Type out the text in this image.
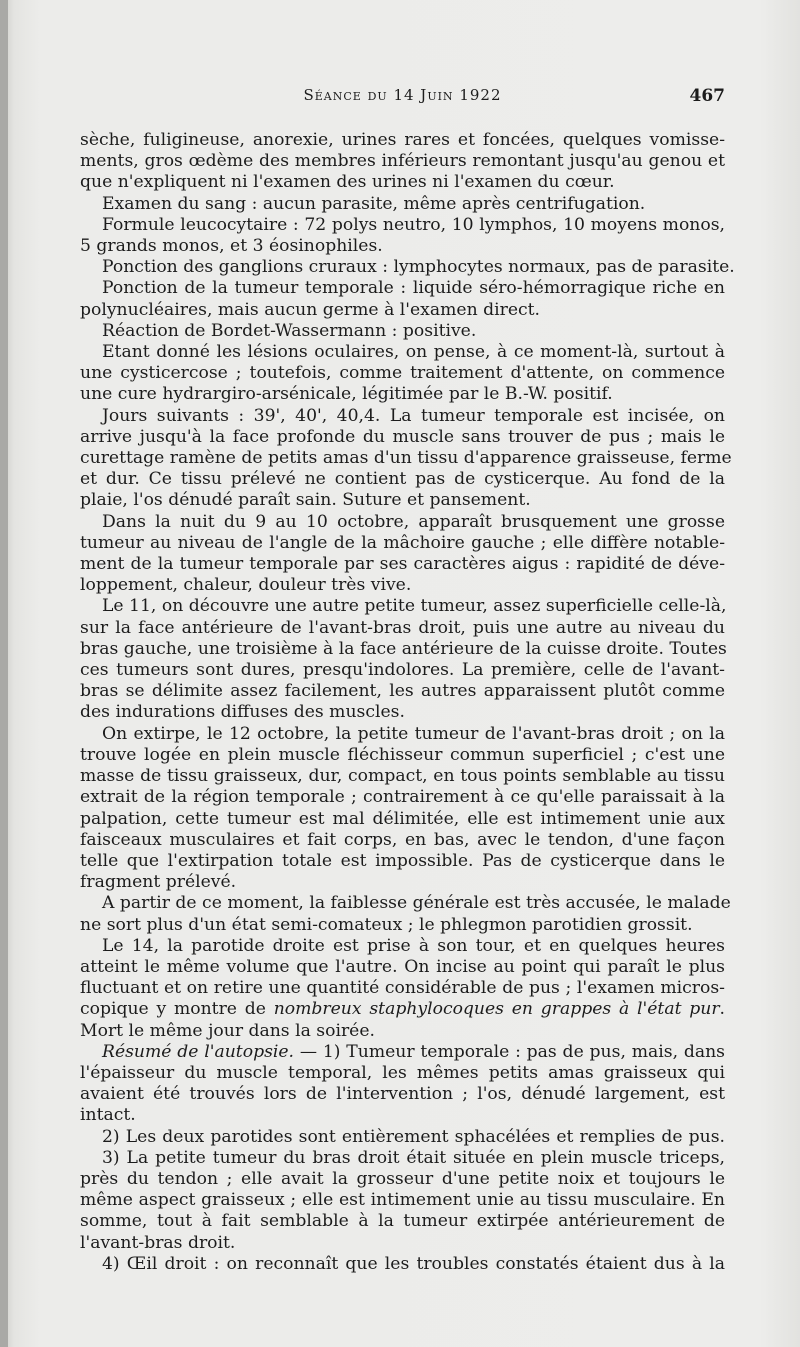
Séance du 14 Juin 1922	467
sèche, fuligineuse, anorexie, urines rares et foncées, quelques vomisse-
ments, gros œdème des membres inférieurs remontant jusqu'au genou et
que n'expliquent ni l'examen des urines ni l'examen du cœur.
Examen du sang : aucun parasite, même après centrifugation.
Formule leucocytaire : 72 polys neutro, 10 lymphos, 10 moyens monos,
5 grands monos, et 3 éosinophiles.
Ponction des ganglions cruraux : lymphocytes normaux, pas de parasite.
Ponction de la tumeur temporale : liquide séro-hémorragique riche en
polynucléaires, mais aucun germe à l'examen direct.
Réaction de Bordet-Wassermann : positive.
Etant donné les lésions oculaires, on pense, à ce moment-là, surtout à
une cysticercose ; toutefois, comme traitement d'attente, on commence
une cure hydrargiro-arsénicale, légitimée par le B.-W. positif.
Jours suivants : 39', 40', 40,4. La tumeur temporale est incisée, on
arrive jusqu'à la face profonde du muscle sans trouver de pus ; mais le
curettage ramène de petits amas d'un tissu d'apparence graisseuse, ferme
et dur. Ce tissu prélevé ne contient pas de cysticerque. Au fond de la
plaie, l'os dénudé paraît sain. Suture et pansement.
Dans la nuit du 9 au 10 octobre, apparaît brusquement une grosse
tumeur au niveau de l'angle de la mâchoire gauche ; elle diffère notable-
ment de la tumeur temporale par ses caractères aigus : rapidité de déve-
loppement, chaleur, douleur très vive.
Le 11, on découvre une autre petite tumeur, assez superficielle celle-là,
sur la face antérieure de l'avant-bras droit, puis une autre au niveau du
bras gauche, une troisième à la face antérieure de la cuisse droite. Toutes
ces tumeurs sont dures, presqu'indolores. La première, celle de l'avant-
bras se délimite assez facilement, les autres apparaissent plutôt comme
des indurations diffuses des muscles.
On extirpe, le 12 octobre, la petite tumeur de l'avant-bras droit ; on la
trouve logée en plein muscle fléchisseur commun superficiel ; c'est une
masse de tissu graisseux, dur, compact, en tous points semblable au tissu
extrait de la région temporale ; contrairement à ce qu'elle paraissait à la
palpation, cette tumeur est mal délimitée, elle est intimement unie aux
faisceaux musculaires et fait corps, en bas, avec le tendon, d'une façon
telle que l'extirpation totale est impossible. Pas de cysticerque dans le
fragment prélevé.
A partir de ce moment, la faiblesse générale est très accusée, le malade
ne sort plus d'un état semi-comateux ; le phlegmon parotidien grossit.
Le 14, la parotide droite est prise à son tour, et en quelques heures
atteint le même volume que l'autre. On incise au point qui paraît le plus
fluctuant et on retire une quantité considérable de pus ; l'examen micros-
copique y montre de nombreux staphylocoques en grappes à l'état pur.
Mort le même jour dans la soirée.
Résumé de l'autopsie. — 1) Tumeur temporale : pas de pus, mais, dans
l'épaisseur du muscle temporal, les mêmes petits amas graisseux qui
avaient été trouvés lors de l'intervention ; l'os, dénudé largement, est
intact.
2) Les deux parotides sont entièrement sphacélées et remplies de pus.
3) La petite tumeur du bras droit était située en plein muscle triceps,
près du tendon ; elle avait la grosseur d'une petite noix et toujours le
même aspect graisseux ; elle est intimement unie au tissu musculaire. En
somme, tout à fait semblable à la tumeur extirpée antérieurement de
l'avant-bras droit.
4) Œil droit : on reconnaît que les troubles constatés étaient dus à la
